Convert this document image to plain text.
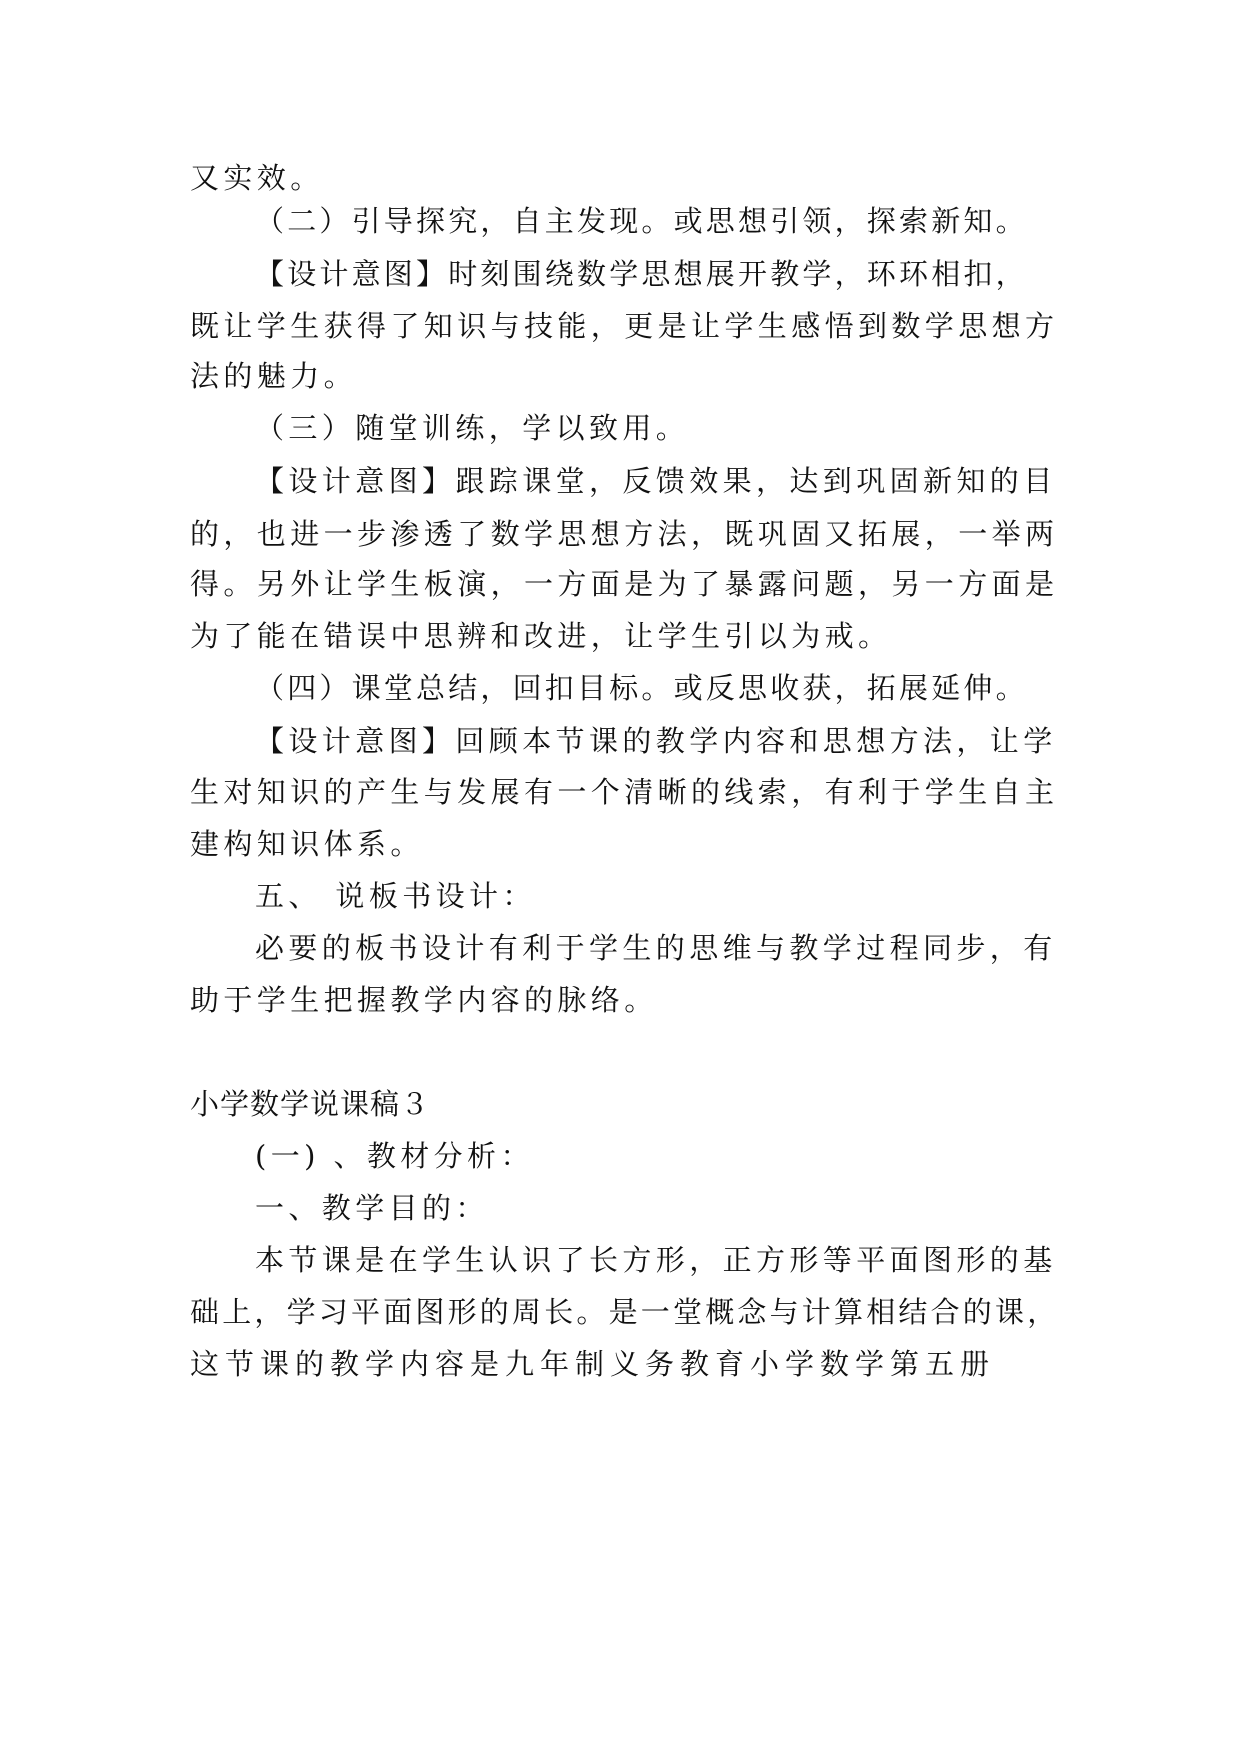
又实效。
（二）引导探究，自主发现。或思想引领，探索新知。
【设计意图】时刻围绕数学思想展开教学，环环相扣，
既让学生获得了知识与技能，更是让学生感悟到数学思想方
法的魅力。
（三）随堂训练，学以致用。
【设计意图】跟踪课堂，反馈效果，达到巩固新知的目
的，也进一步渗透了数学思想方法，既巩固又拓展，一举两
得。另外让学生板演，一方面是为了暴露问题，另一方面是
为了能在错误中思辨和改进，让学生引以为戒。
（四）课堂总结，回扣目标。或反思收获，拓展延伸。
【设计意图】回顾本节课的教学内容和思想方法，让学
生对知识的产生与发展有一个清晰的线索，有利于学生自主
建构知识体系。
五、 说板书设计：
必要的板书设计有利于学生的思维与教学过程同步，有
助于学生把握教学内容的脉络。
小学数学说课稿３
(一) 、教材分析：
一、教学目的：
本节课是在学生认识了长方形，正方形等平面图形的基
础上，学习平面图形的周长。是一堂概念与计算相结合的课，
这节课的教学内容是九年制义务教育小学数学第五册
